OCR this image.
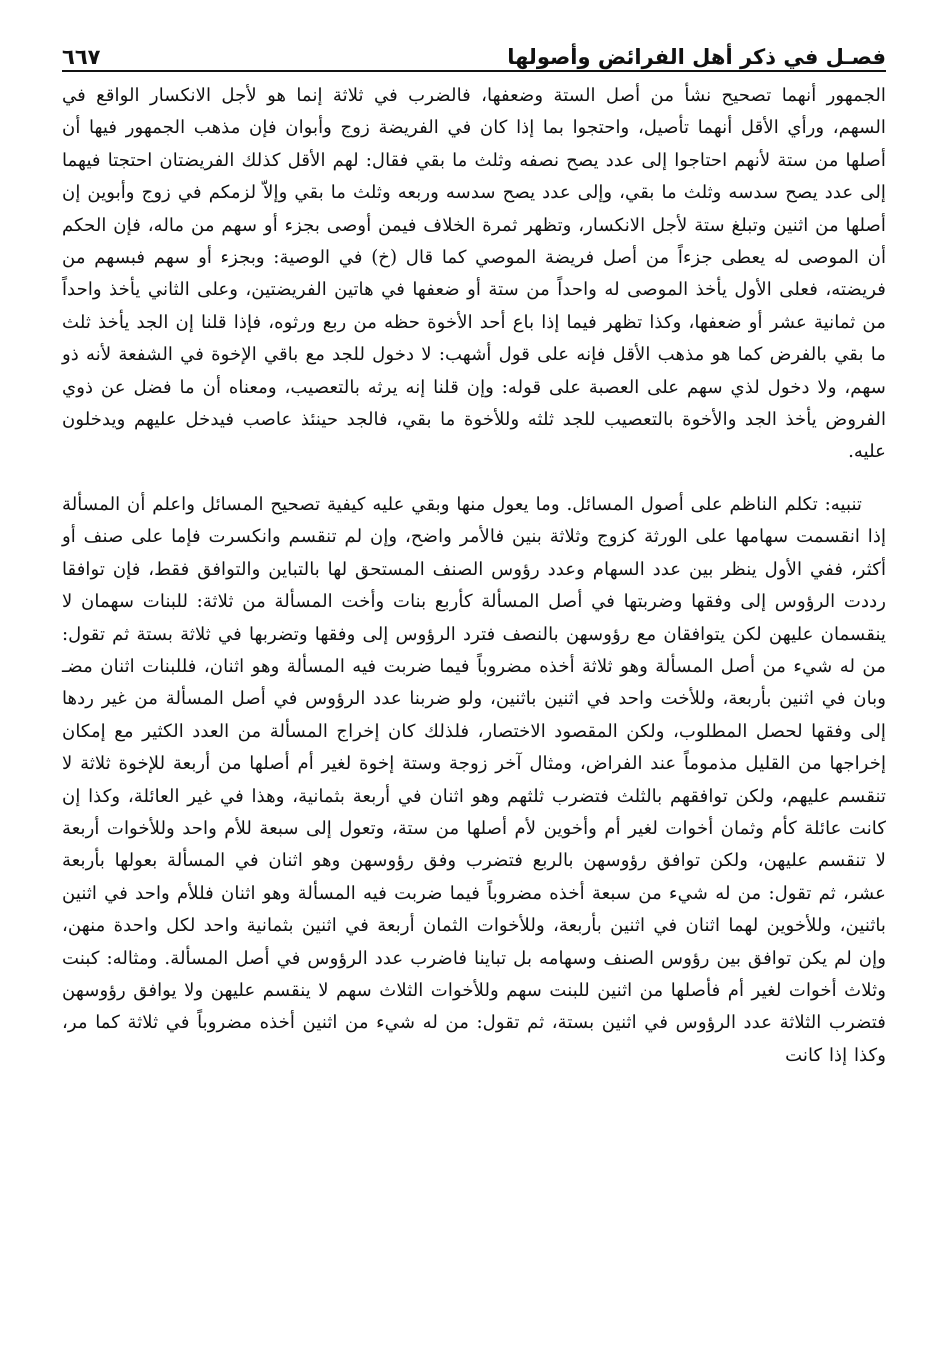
فصـل في ذكر أهل الفرائض وأصولها
٦٦٧

الجمهور أنهما تصحيح نشأ من أصل الستة وضعفها، فالضرب في ثلاثة إنما هو لأجل الانكسار الواقع في السهم، ورأي الأقل أنهما تأصيل، واحتجوا بما إذا كان في الفريضة زوج وأبوان فإن مذهب الجمهور فيها أن أصلها من ستة لأنهم احتاجوا إلى عدد يصح نصفه وثلث ما بقي فقال: لهم الأقل كذلك الفريضتان احتجتا فيهما إلى عدد يصح سدسه وثلث ما بقي، وإلى عدد يصح سدسه وربعه وثلث ما بقي وإلاّ لزمكم في زوج وأبوين إن أصلها من اثنين وتبلغ ستة لأجل الانكسار، وتظهر ثمرة الخلاف فيمن أوصى بجزء أو سهم من ماله، فإن الحكم أن الموصى له يعطى جزءاً من أصل فريضة الموصي كما قال (خ) في الوصية: وبجزء أو سهم فبسهم من فريضته، فعلى الأول يأخذ الموصى له واحداً من ستة أو ضعفها في هاتين الفريضتين، وعلى الثاني يأخذ واحداً من ثمانية عشر أو ضعفها، وكذا تظهر فيما إذا باع أحد الأخوة حظه من ربع ورثوه، فإذا قلنا إن الجد يأخذ ثلث ما بقي بالفرض كما هو مذهب الأقل فإنه على قول أشهب: لا دخول للجد مع باقي الإخوة في الشفعة لأنه ذو سهم، ولا دخول لذي سهم على العصبة على قوله: وإن قلنا إنه يرثه بالتعصيب، ومعناه أن ما فضل عن ذوي الفروض يأخذ الجد والأخوة بالتعصيب للجد ثلثه وللأخوة ما بقي، فالجد حينئذ عاصب فيدخل عليهم ويدخلون عليه.

تنبيه: تكلم الناظم على أصول المسائل. وما يعول منها وبقي عليه كيفية تصحيح المسائل واعلم أن المسألة إذا انقسمت سهامها على الورثة كزوج وثلاثة بنين فالأمر واضح، وإن لم تنقسم وانكسرت فإما على صنف أو أكثر، ففي الأول ينظر بين عدد السهام وعدد رؤوس الصنف المستحق لها بالتباين والتوافق فقط، فإن توافقا رددت الرؤوس إلى وفقها وضربتها في أصل المسألة كأربع بنات وأخت المسألة من ثلاثة: للبنات سهمان لا ينقسمان عليهن لكن يتوافقان مع رؤوسهن بالنصف فترد الرؤوس إلى وفقها وتضربها في ثلاثة بستة ثم تقول: من له شيء من أصل المسألة وهو ثلاثة أخذه مضروباً فيما ضربت فيه المسألة وهو اثنان، فللبنات اثنان مضـ وبان في اثنين بأربعة، وللأخت واحد في اثنين باثنين، ولو ضربنا عدد الرؤوس في أصل المسألة من غير ردها إلى وفقها لحصل المطلوب، ولكن المقصود الاختصار، فلذلك كان إخراج المسألة من العدد الكثير مع إمكان إخراجها من القليل مذموماً عند الفراض، ومثال آخر زوجة وستة إخوة لغير أم أصلها من أربعة للإخوة ثلاثة لا تنقسم عليهم، ولكن توافقهم بالثلث فتضرب ثلثهم وهو اثنان في أربعة بثمانية، وهذا في غير العائلة، وكذا إن كانت عائلة كأم وثمان أخوات لغير أم وأخوين لأم أصلها من ستة، وتعول إلى سبعة للأم واحد وللأخوات أربعة لا تنقسم عليهن، ولكن توافق رؤوسهن بالربع فتضرب وفق رؤوسهن وهو اثنان في المسألة بعولها بأربعة عشر، ثم تقول: من له شيء من سبعة أخذه مضروباً فيما ضربت فيه المسألة وهو اثنان فللأم واحد في اثنين باثنين، وللأخوين لهما اثنان في اثنين بأربعة، وللأخوات الثمان أربعة في اثنين بثمانية واحد لكل واحدة منهن، وإن لم يكن توافق بين رؤوس الصنف وسهامه بل تباينا فاضرب عدد الرؤوس في أصل المسألة. ومثاله: كبنت وثلاث أخوات لغير أم فأصلها من اثنين للبنت سهم وللأخوات الثلاث سهم لا ينقسم عليهن ولا يوافق رؤوسهن فتضرب الثلاثة عدد الرؤوس في اثنين بستة، ثم تقول: من له شيء من اثنين أخذه مضروباً في ثلاثة كما مر، وكذا إذا كانت
